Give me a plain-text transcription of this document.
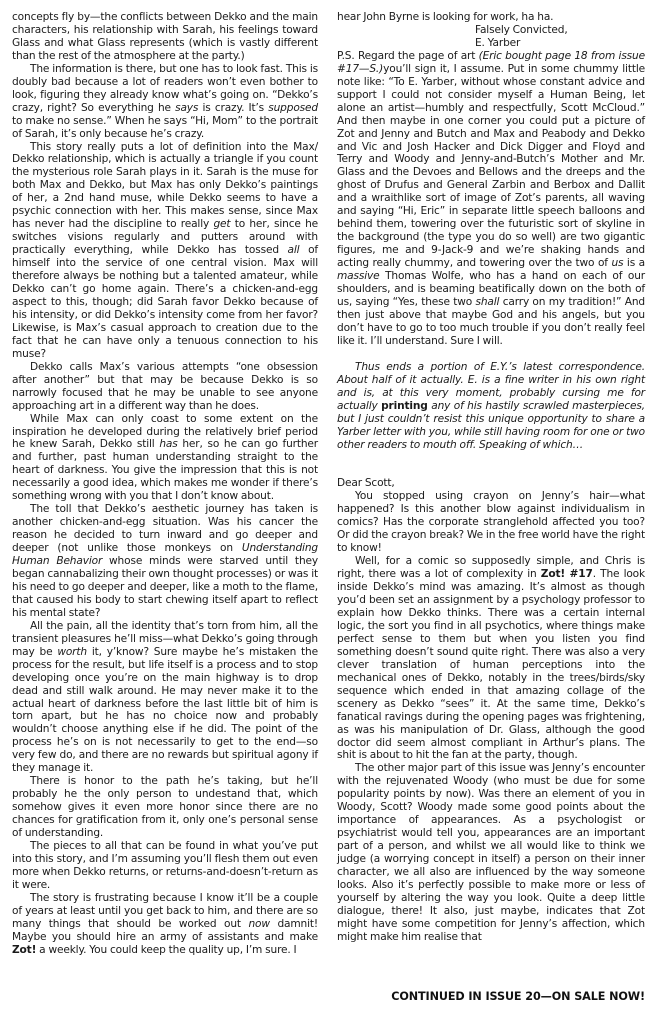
concepts fly by—the conflicts between Dekko and the main characters, his relationship with Sarah, his feelings toward Glass and what Glass represents (which is vastly different than the rest of the atmosphere at the party.)

The information is there, but one has to look fast. This is doubly bad because a lot of readers won’t even bother to look, figuring they already know what’s going on. “Dekko’s crazy, right? So everything he says is crazy. It’s supposed to make no sense.” When he says “Hi, Mom” to the portrait of Sarah, it’s only because he’s crazy.

This story really puts a lot of definition into the Max/ Dekko relationship, which is actually a triangle if you count the mysterious role Sarah plays in it. Sarah is the muse for both Max and Dekko, but Max has only Dekko’s paintings of her, a 2nd hand muse, while Dekko seems to have a psychic connection with her. This makes sense, since Max has never had the discipline to really get to her, since he switches visions regularly and putters around with practically everything, while Dekko has tossed all of himself into the service of one central vision. Max will therefore always be nothing but a talented amateur, while Dekko can’t go home again. There’s a chicken-and-egg aspect to this, though; did Sarah favor Dekko because of his intensity, or did Dekko’s intensity come from her favor? Likewise, is Max’s casual approach to creation due to the fact that he can have only a tenuous connection to his muse?

Dekko calls Max’s various attempts “one obsession after another” but that may be because Dekko is so narrowly focused that he may be unable to see anyone approaching art in a different way than he does.

While Max can only coast to some extent on the inspiration he developed during the relatively brief period he knew Sarah, Dekko still has her, so he can go further and further, past human understanding straight to the heart of darkness. You give the impression that this is not necessarily a good idea, which makes me wonder if there’s something wrong with you that I don’t know about.

The toll that Dekko’s aesthetic journey has taken is another chicken-and-egg situation. Was his cancer the reason he decided to turn inward and go deeper and deeper (not unlike those monkeys on Understanding Human Behavior whose minds were starved until they began cannabalizing their own thought processes) or was it his need to go deeper and deeper, like a moth to the flame, that caused his body to start chewing itself apart to reflect his mental state?

All the pain, all the identity that’s torn from him, all the transient pleasures he’ll miss—what Dekko’s going through may be worth it, y’know? Sure maybe he’s mistaken the process for the result, but life itself is a process and to stop developing once you’re on the main highway is to drop dead and still walk around. He may never make it to the actual heart of darkness before the last little bit of him is torn apart, but he has no choice now and probably wouldn’t choose anything else if he did. The point of the process he’s on is not necessarily to get to the end—so very few do, and there are no rewards but spiritual agony if they manage it.

There is honor to the path he’s taking, but he’ll probably he the only person to undestand that, which somehow gives it even more honor since there are no chances for gratification from it, only one’s personal sense of understanding.

The pieces to all that can be found in what you’ve put into this story, and I’m assuming you’ll flesh them out even more when Dekko returns, or returns-and-doesn’t-return as it were.

The story is frustrating because I know it’ll be a couple of years at least until you get back to him, and there are so many things that should be worked out now damnit! Maybe you should hire an army of assistants and make Zot! a weekly. You could keep the quality up, I’m sure. I

hear John Byrne is looking for work, ha ha.

Falsely Convicted,

E. Yarber

P.S. Regard the page of art (Eric bought page 18 from issue #17—S.)you’ll sign it, I assume. Put in some chummy little note like: “To E. Yarber, without whose constant advice and support I could not consider myself a Human Being, let alone an artist—humbly and respectfully, Scott McCloud.” And then maybe in one corner you could put a picture of Zot and Jenny and Butch and Max and Peabody and Dekko and Vic and Josh Hacker and Dick Digger and Floyd and Terry and Woody and Jenny-and-Butch’s Mother and Mr. Glass and the Devoes and Bellows and the dreeps and the ghost of Drufus and General Zarbin and Berbox and Dallit and a wraithlike sort of image of Zot’s parents, all waving and saying “Hi, Eric” in separate little speech balloons and behind them, towering over the futuristic sort of skyline in the background (the type you do so well) are two gigantic figures, me and 9-Jack-9 and we’re shaking hands and acting really chummy, and towering over the two of us is a massive Thomas Wolfe, who has a hand on each of our shoulders, and is beaming beatifically down on the both of us, saying “Yes, these two shall carry on my tradition!” And then just above that maybe God and his angels, but you don’t have to go to too much trouble if you don’t really feel like it. I’ll understand. Sure I will.

Thus ends a portion of E.Y.’s latest correspondence. About half of it actually. E. is a fine writer in his own right and is, at this very moment, probably cursing me for actually printing any of his hastily scrawled masterpieces, but I just couldn’t resist this unique opportunity to share a Yarber letter with you, while still having room for one or two other readers to mouth off. Speaking of which…

Dear Scott,

You stopped using crayon on Jenny’s hair—what happened? Is this another blow against individualism in comics? Has the corporate stranglehold affected you too? Or did the crayon break? We in the free world have the right to know!

Well, for a comic so supposedly simple, and Chris is right, there was a lot of complexity in Zot! #17. The look inside Dekko’s mind was amazing. It’s almost as though you’d been set an assignment by a psychology professor to explain how Dekko thinks. There was a certain internal logic, the sort you find in all psychotics, where things make perfect sense to them but when you listen you find something doesn’t sound quite right. There was also a very clever translation of human perceptions into the mechanical ones of Dekko, notably in the trees/birds/sky sequence which ended in that amazing collage of the scenery as Dekko “sees” it. At the same time, Dekko’s fanatical ravings during the opening pages was frightening, as was his manipulation of Dr. Glass, although the good doctor did seem almost compliant in Arthur’s plans. The shit is about to hit the fan at the party, though.

The other major part of this issue was Jenny’s encounter with the rejuvenated Woody (who must be due for some popularity points by now). Was there an element of you in Woody, Scott? Woody made some good points about the importance of appearances. As a psychologist or psychiatrist would tell you, appearances are an important part of a person, and whilst we all would like to think we judge (a worrying concept in itself) a person on their inner character, we all also are influenced by the way someone looks. Also it’s perfectly possible to make more or less of yourself by altering the way you look. Quite a deep little dialogue, there! It also, just maybe, indicates that Zot might have some competition for Jenny’s affection, which might make him realise that

CONTINUED IN ISSUE 20—ON SALE NOW!
